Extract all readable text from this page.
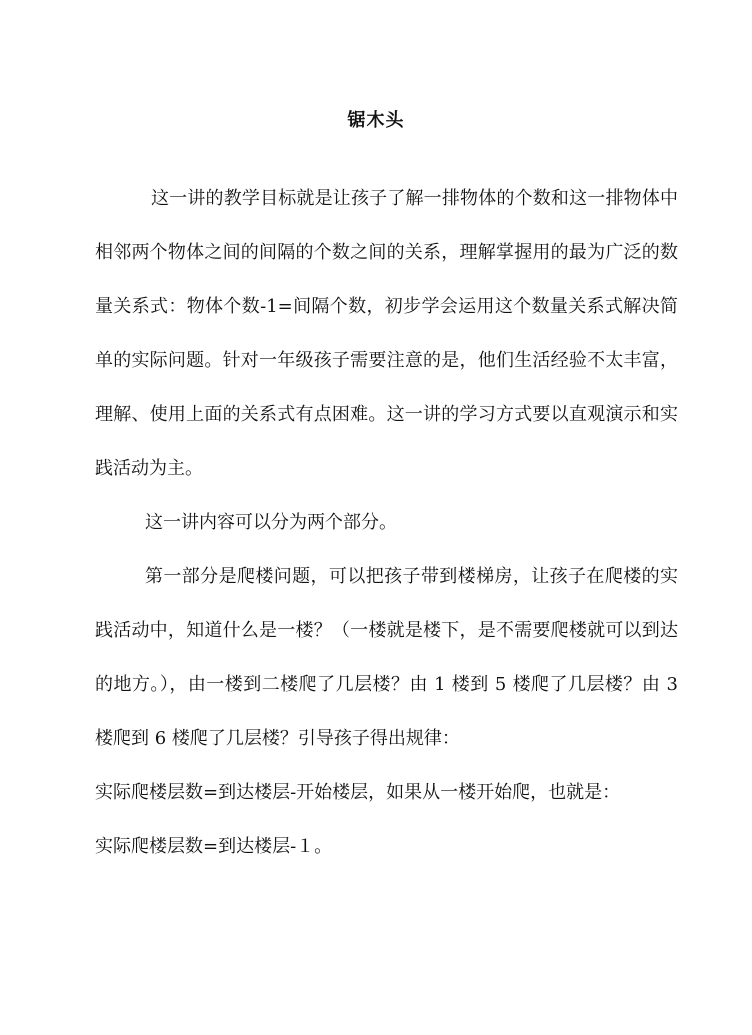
锯木头

这一讲的教学目标就是让孩子了解一排物体的个数和这一排物体中相邻两个物体之间的间隔的个数之间的关系，理解掌握用的最为广泛的数量关系式：物体个数-1=间隔个数，初步学会运用这个数量关系式解决简单的实际问题。针对一年级孩子需要注意的是，他们生活经验不太丰富，理解、使用上面的关系式有点困难。这一讲的学习方式要以直观演示和实践活动为主。

这一讲内容可以分为两个部分。

第一部分是爬楼问题，可以把孩子带到楼梯房，让孩子在爬楼的实践活动中，知道什么是一楼？（一楼就是楼下，是不需要爬楼就可以到达的地方。），由一楼到二楼爬了几层楼？由 1 楼到 5 楼爬了几层楼？由 3 楼爬到 6 楼爬了几层楼？引导孩子得出规律：

实际爬楼层数=到达楼层-开始楼层，如果从一楼开始爬，也就是：

实际爬楼层数=到达楼层-１。
